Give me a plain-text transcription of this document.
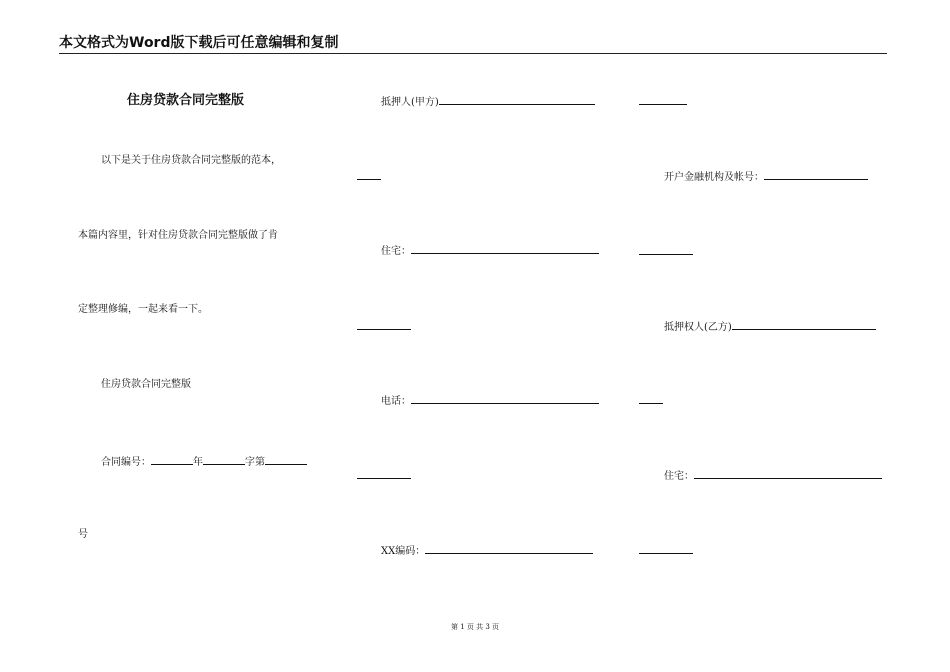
本文格式为Word版下载后可任意编辑和复制
住房贷款合同完整版
以下是关于住房贷款合同完整版的范本，
本篇内容里，针对住房贷款合同完整版做了肯
定整理修编，一起来看一下。
住房贷款合同完整版
合同编号：	年	字第
号
抵押人(甲方)
住宅：
电话：
XX编码：
开户金融机构及帐号：
抵押权人(乙方)
住宅：
第 1 页 共 3 页
